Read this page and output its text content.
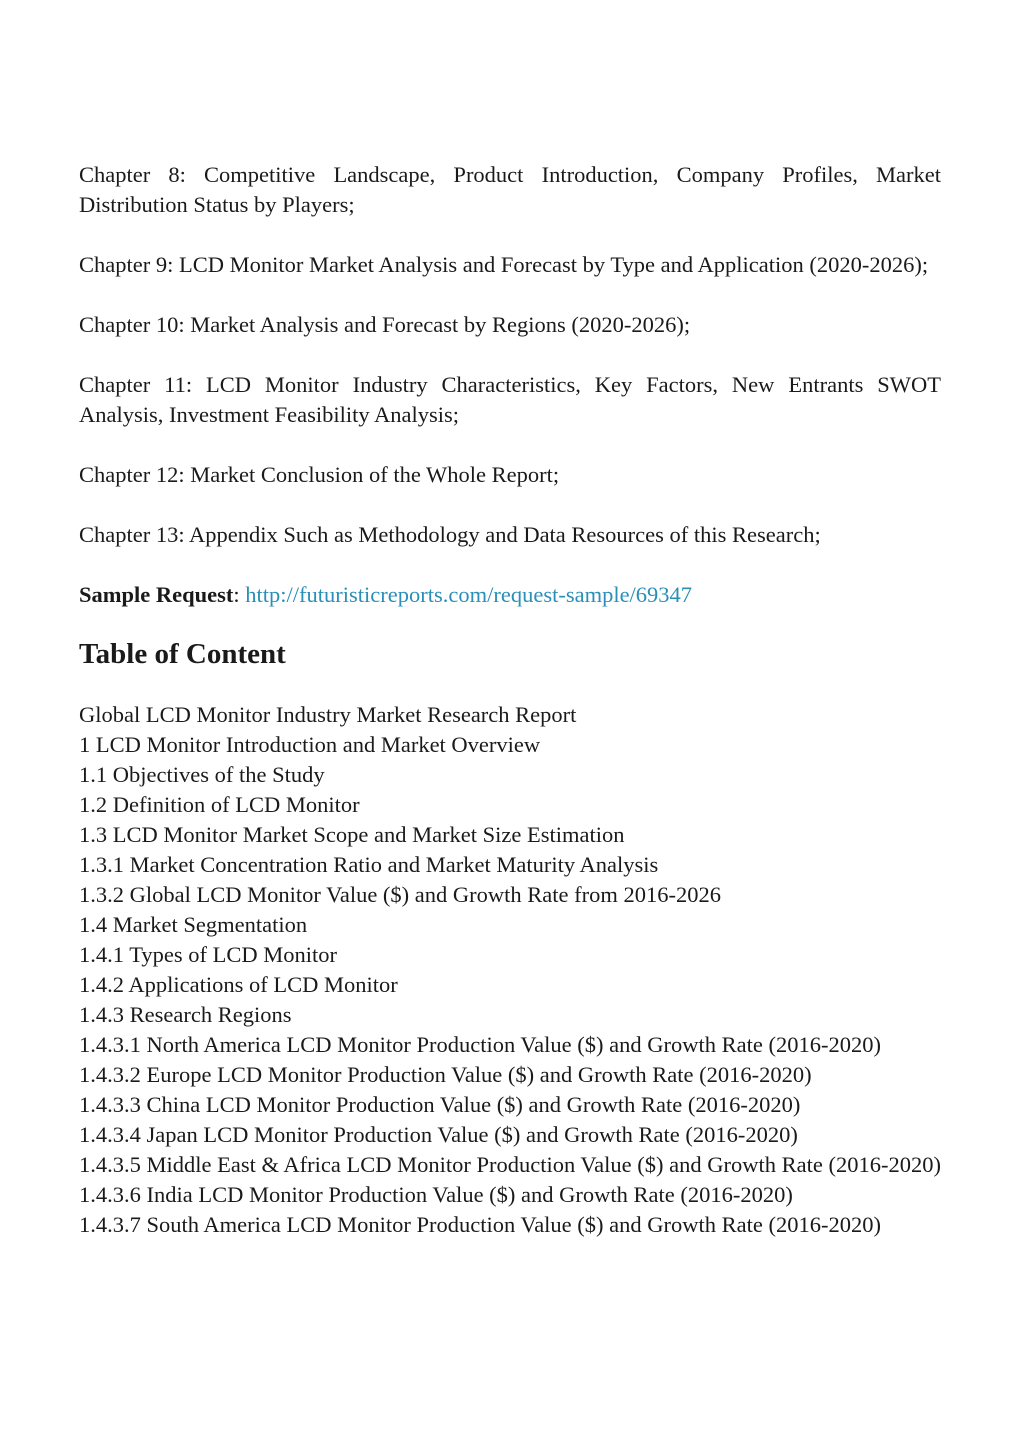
Chapter 8: Competitive Landscape, Product Introduction, Company Profiles, Market Distribution Status by Players;

Chapter 9: LCD Monitor Market Analysis and Forecast by Type and Application (2020-2026);

Chapter 10: Market Analysis and Forecast by Regions (2020-2026);

Chapter 11: LCD Monitor Industry Characteristics, Key Factors, New Entrants SWOT Analysis, Investment Feasibility Analysis;

Chapter 12: Market Conclusion of the Whole Report;

Chapter 13: Appendix Such as Methodology and Data Resources of this Research;

Sample Request: http://futuristicreports.com/request-sample/69347

Table of Content
Global LCD Monitor Industry Market Research Report
1 LCD Monitor Introduction and Market Overview
1.1 Objectives of the Study
1.2 Definition of LCD Monitor
1.3 LCD Monitor Market Scope and Market Size Estimation
1.3.1 Market Concentration Ratio and Market Maturity Analysis
1.3.2 Global LCD Monitor Value ($) and Growth Rate from 2016-2026
1.4 Market Segmentation
1.4.1 Types of LCD Monitor
1.4.2 Applications of LCD Monitor
1.4.3 Research Regions
1.4.3.1 North America LCD Monitor Production Value ($) and Growth Rate (2016-2020)
1.4.3.2 Europe LCD Monitor Production Value ($) and Growth Rate (2016-2020)
1.4.3.3 China LCD Monitor Production Value ($) and Growth Rate (2016-2020)
1.4.3.4 Japan LCD Monitor Production Value ($) and Growth Rate (2016-2020)
1.4.3.5 Middle East & Africa LCD Monitor Production Value ($) and Growth Rate (2016-2020)
1.4.3.6 India LCD Monitor Production Value ($) and Growth Rate (2016-2020)
1.4.3.7 South America LCD Monitor Production Value ($) and Growth Rate (2016-2020)
